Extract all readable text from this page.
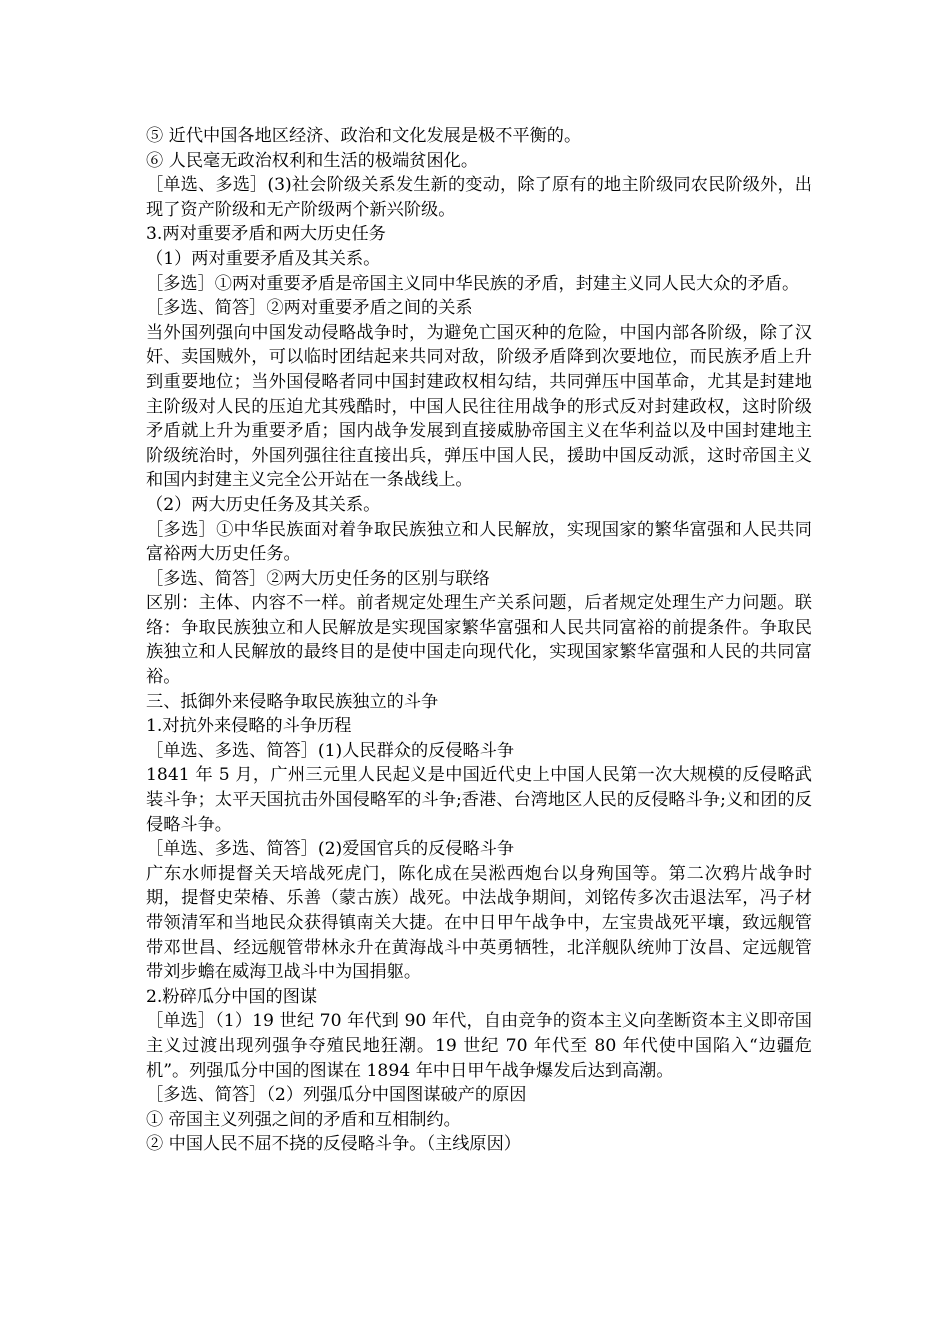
⑤ 近代中国各地区经济、政治和文化发展是极不平衡的。
⑥ 人民毫无政治权利和生活的极端贫困化。
［单选、多选］(3)社会阶级关系发生新的变动，除了原有的地主阶级同农民阶级外，出现了资产阶级和无产阶级两个新兴阶级。
3.两对重要矛盾和两大历史任务
（1）两对重要矛盾及其关系。
［多选］①两对重要矛盾是帝国主义同中华民族的矛盾，封建主义同人民大众的矛盾。
［多选、简答］②两对重要矛盾之间的关系
当外国列强向中国发动侵略战争时，为避免亡国灭种的危险，中国内部各阶级，除了汉奸、卖国贼外，可以临时团结起来共同对敌，阶级矛盾降到次要地位，而民族矛盾上升到重要地位；当外国侵略者同中国封建政权相勾结，共同弹压中国革命，尤其是封建地主阶级对人民的压迫尤其残酷时，中国人民往往用战争的形式反对封建政权，这时阶级矛盾就上升为重要矛盾；国内战争发展到直接威胁帝国主义在华利益以及中国封建地主阶级统治时，外国列强往往直接出兵，弹压中国人民，援助中国反动派，这时帝国主义和国内封建主义完全公开站在一条战线上。
（2）两大历史任务及其关系。
［多选］①中华民族面对着争取民族独立和人民解放，实现国家的繁华富强和人民共同富裕两大历史任务。
［多选、简答］②两大历史任务的区别与联络
区别：主体、内容不一样。前者规定处理生产关系问题，后者规定处理生产力问题。联络：争取民族独立和人民解放是实现国家繁华富强和人民共同富裕的前提条件。争取民族独立和人民解放的最终目的是使中国走向现代化，实现国家繁华富强和人民的共同富裕。
三、抵御外来侵略争取民族独立的斗争
1.对抗外来侵略的斗争历程
［单选、多选、简答］(1)人民群众的反侵略斗争
1841 年 5 月，广州三元里人民起义是中国近代史上中国人民第一次大规模的反侵略武装斗争；太平天国抗击外国侵略军的斗争;香港、台湾地区人民的反侵略斗争;义和团的反侵略斗争。
［单选、多选、简答］(2)爱国官兵的反侵略斗争
广东水师提督关天培战死虎门，陈化成在吴淞西炮台以身殉国等。第二次鸦片战争时期，提督史荣椿、乐善（蒙古族）战死。中法战争期间，刘铭传多次击退法军，冯子材带领清军和当地民众获得镇南关大捷。在中日甲午战争中，左宝贵战死平壤，致远舰管带邓世昌、经远舰管带林永升在黄海战斗中英勇牺牲，北洋舰队统帅丁汝昌、定远舰管带刘步蟾在威海卫战斗中为国捐躯。
2.粉碎瓜分中国的图谋
［单选］（1）19 世纪 70 年代到 90 年代，自由竞争的资本主义向垄断资本主义即帝国主义过渡出现列强争夺殖民地狂潮。19 世纪 70 年代至 80 年代使中国陷入“边疆危机”。列强瓜分中国的图谋在 1894 年中日甲午战争爆发后达到高潮。
［多选、简答］（2）列强瓜分中国图谋破产的原因
① 帝国主义列强之间的矛盾和互相制约。
② 中国人民不屈不挠的反侵略斗争。（主线原因）
